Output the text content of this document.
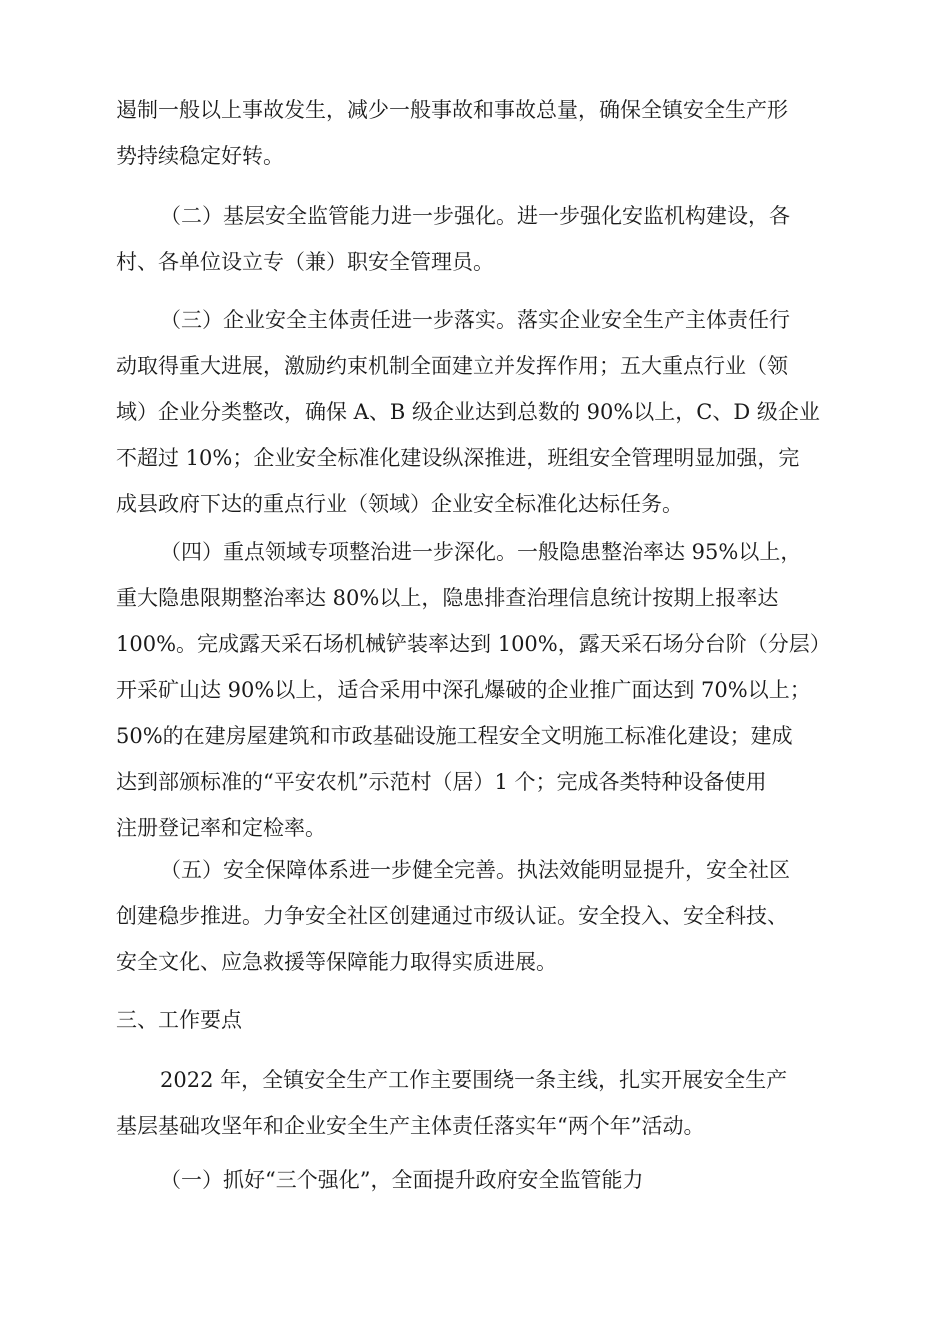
遏制一般以上事故发生，减少一般事故和事故总量，确保全镇安全生产形
势持续稳定好转。
（二）基层安全监管能力进一步强化。进一步强化安监机构建设，各
村、各单位设立专（兼）职安全管理员。
（三）企业安全主体责任进一步落实。落实企业安全生产主体责任行
动取得重大进展，激励约束机制全面建立并发挥作用；五大重点行业（领
域）企业分类整改，确保 A、B 级企业达到总数的 90%以上，C、D 级企业
不超过 10%；企业安全标准化建设纵深推进，班组安全管理明显加强，完
成县政府下达的重点行业（领域）企业安全标准化达标任务。
（四）重点领域专项整治进一步深化。一般隐患整治率达 95%以上，
重大隐患限期整治率达 80%以上，隐患排查治理信息统计按期上报率达
100%。完成露天采石场机械铲装率达到 100%，露天采石场分台阶（分层）
开采矿山达 90%以上，适合采用中深孔爆破的企业推广面达到 70%以上；
50%的在建房屋建筑和市政基础设施工程安全文明施工标准化建设；建成
达到部颁标准的“平安农机”示范村（居）1 个；完成各类特种设备使用
注册登记率和定检率。
（五）安全保障体系进一步健全完善。执法效能明显提升，安全社区
创建稳步推进。力争安全社区创建通过市级认证。安全投入、安全科技、
安全文化、应急救援等保障能力取得实质进展。
三、工作要点
2022 年，全镇安全生产工作主要围绕一条主线，扎实开展安全生产
基层基础攻坚年和企业安全生产主体责任落实年“两个年”活动。
（一）抓好“三个强化”，全面提升政府安全监管能力
